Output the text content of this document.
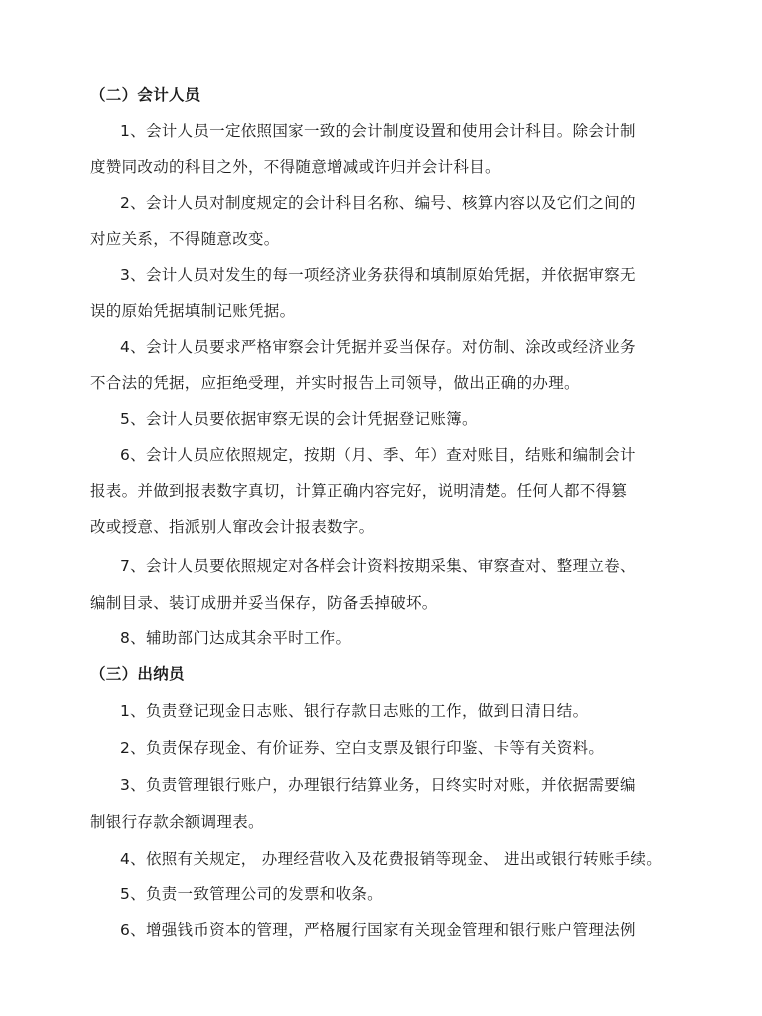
（二）会计人员
1、会计人员一定依照国家一致的会计制度设置和使用会计科目。除会计制
度赞同改动的科目之外，不得随意增减或许归并会计科目。
2、会计人员对制度规定的会计科目名称、编号、核算内容以及它们之间的
对应关系，不得随意改变。
3、会计人员对发生的每一项经济业务获得和填制原始凭据，并依据审察无
误的原始凭据填制记账凭据。
4、会计人员要求严格审察会计凭据并妥当保存。对仿制、涂改或经济业务
不合法的凭据，应拒绝受理，并实时报告上司领导，做出正确的办理。
5、会计人员要依据审察无误的会计凭据登记账簿。
6、会计人员应依照规定，按期（月、季、年）查对账目，结账和编制会计
报表。并做到报表数字真切，计算正确内容完好，说明清楚。任何人都不得篡
改或授意、指派别人窜改会计报表数字。
7、会计人员要依照规定对各样会计资料按期采集、审察查对、整理立卷、
编制目录、装订成册并妥当保存，防备丢掉破坏。
8、辅助部门达成其余平时工作。
（三）出纳员
1、负责登记现金日志账、银行存款日志账的工作，做到日清日结。
2、负责保存现金、有价证券、空白支票及银行印鉴、卡等有关资料。
3、负责管理银行账户，办理银行结算业务，日终实时对账，并依据需要编
制银行存款余额调理表。
4、依照有关规定， 办理经营收入及花费报销等现金、 进出或银行转账手续。
5、负责一致管理公司的发票和收条。
6、增强钱币资本的管理，严格履行国家有关现金管理和银行账户管理法例
